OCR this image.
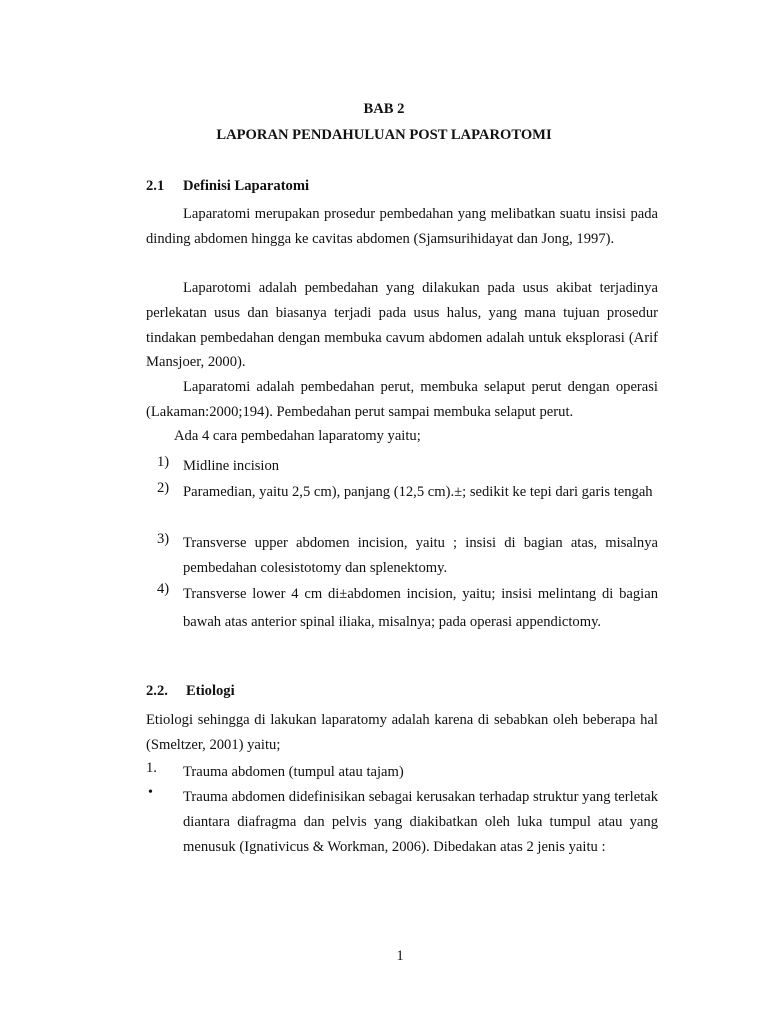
BAB 2

LAPORAN PENDAHULUAN POST LAPAROTOMI

2.1 Definisi Laparatomi

Laparatomi merupakan prosedur pembedahan yang melibatkan suatu insisi pada dinding abdomen hingga ke cavitas abdomen (Sjamsurihidayat dan Jong, 1997).

Laparotomi adalah pembedahan yang dilakukan pada usus akibat terjadinya perlekatan usus dan biasanya terjadi pada usus halus, yang mana tujuan prosedur tindakan pembedahan dengan membuka cavum abdomen adalah untuk eksplorasi (Arif Mansjoer, 2000).

Laparatomi adalah pembedahan perut, membuka selaput perut dengan operasi (Lakaman:2000;194). Pembedahan perut sampai membuka selaput perut.

Ada 4 cara pembedahan laparatomy yaitu;

1) Midline incision
2) Paramedian, yaitu 2,5 cm), panjang (12,5 cm).±; sedikit ke tepi dari garis tengah
3) Transverse upper abdomen incision, yaitu ; insisi di bagian atas, misalnya pembedahan colesistotomy dan splenektomy.
4) Transverse lower 4 cm di±abdomen incision, yaitu; insisi melintang di bagian bawah atas anterior spinal iliaka, misalnya; pada operasi appendictomy.

2.2. Etiologi

Etiologi sehingga di lakukan laparatomy adalah karena di sebabkan oleh beberapa hal (Smeltzer, 2001) yaitu;

1. Trauma abdomen (tumpul atau tajam)
• Trauma abdomen didefinisikan sebagai kerusakan terhadap struktur yang terletak diantara diafragma dan pelvis yang diakibatkan oleh luka tumpul atau yang menusuk (Ignativicus & Workman, 2006). Dibedakan atas 2 jenis yaitu :

1
